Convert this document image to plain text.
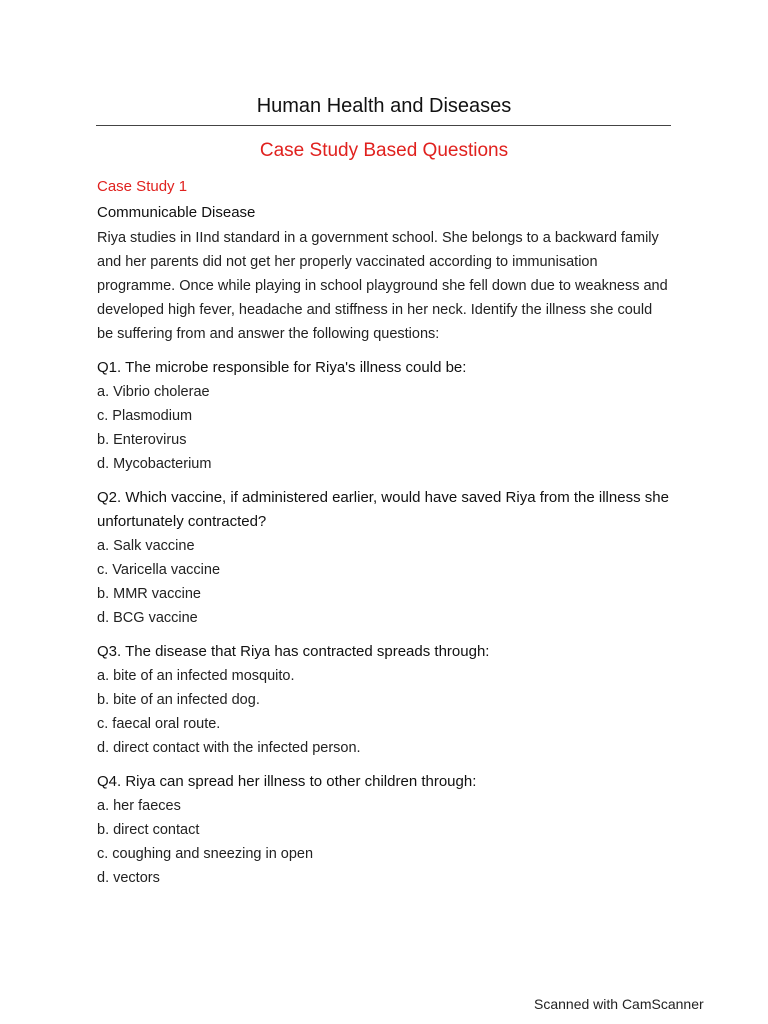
Human Health and Diseases
Case Study Based Questions

Case Study 1

Communicable Disease

Riya studies in IInd standard in a government school. She belongs to a backward family

and her parents did not get her properly vaccinated according to immunisation

programme. Once while playing in school playground she fell down due to weakness and

developed high fever, headache and stiffness in her neck. Identify the illness she could

be suffering from and answer the following questions:

Q1. The microbe responsible for Riya's illness could be:

a. Vibrio cholerae

c. Plasmodium

b. Enterovirus

d. Mycobacterium

Q2. Which vaccine, if administered earlier, would have saved Riya from the illness she

unfortunately contracted?

a. Salk vaccine

c. Varicella vaccine

b. MMR vaccine

d. BCG vaccine

Q3. The disease that Riya has contracted spreads through:

a. bite of an infected mosquito.

b. bite of an infected dog.

c. faecal oral route.

d. direct contact with the infected person.

Q4. Riya can spread her illness to other children through:

a. her faeces

b. direct contact

c. coughing and sneezing in open

d. vectors

Scanned with CamScanner
